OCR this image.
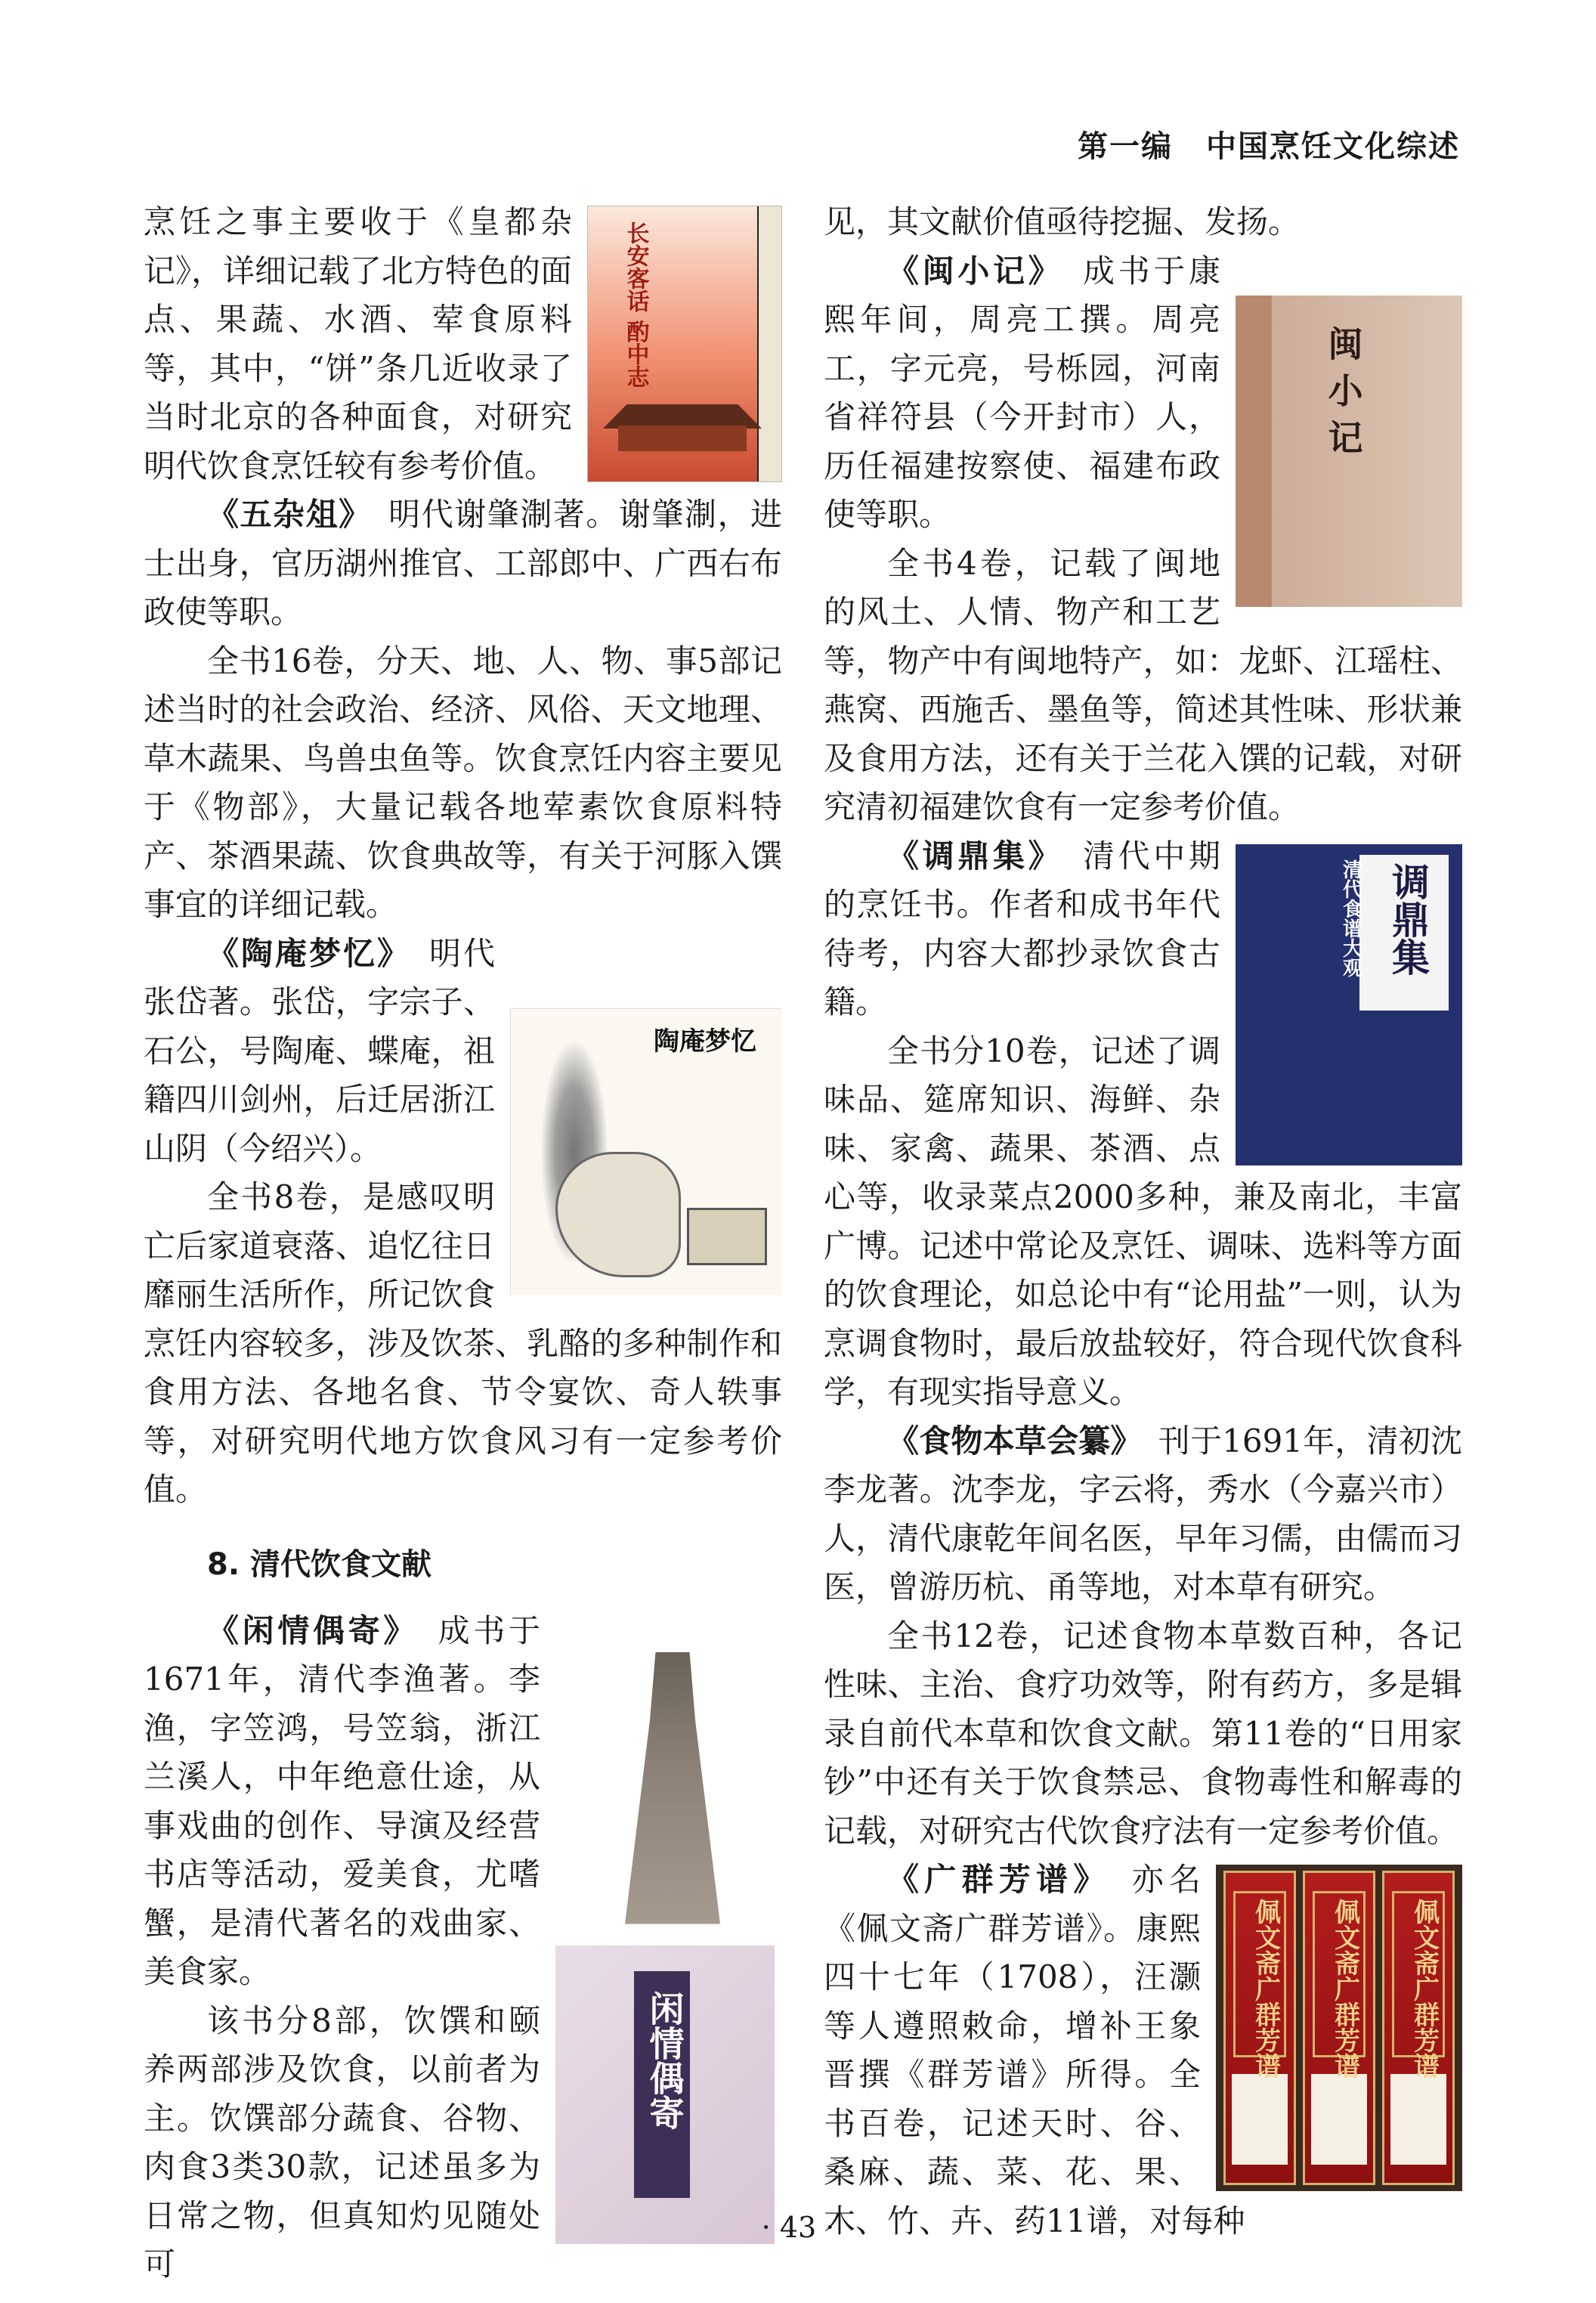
第一编 中国烹饪文化综述
长安客话 酌中志

烹饪之事主要收于《皇都杂记》，详细记载了北方特色的面点、果蔬、水酒、荤食原料等，其中，“饼”条几近收录了当时北京的各种面食，对研究明代饮食烹饪较有参考价值。

《五杂俎》　 明代谢肇淛著。谢肇淛，进士出身，官历湖州推官、工部郎中、广西右布政使等职。

全书16卷，分天、地、人、物、事5部记述当时的社会政治、经济、风俗、天文地理、草木蔬果、鸟兽虫鱼等。饮食烹饪内容主要见于《物部》，大量记载各地荤素饮食原料特产、茶酒果蔬、饮食典故等，有关于河豚入馔事宜的详细记载。

陶庵梦忆

《陶庵梦忆》　 明代张岱著。张岱，字宗子、石公，号陶庵、蝶庵，祖籍四川剑州，后迁居浙江山阴（今绍兴）。

全书8卷，是感叹明亡后家道衰落、追忆往日靡丽生活所作，所记饮食烹饪内容较多，涉及饮茶、乳酪的多种制作和食用方法、各地名食、节令宴饮、奇人轶事等，对研究明代地方饮食风习有一定参考价值。

8. 清代饮食文献
闲情偶寄

《闲情偶寄》　 成书于1671年，清代李渔著。李渔，字笠鸿，号笠翁，浙江兰溪人，中年绝意仕途，从事戏曲的创作、导演及经营书店等活动，爱美食，尤嗜蟹，是清代著名的戏曲家、美食家。

该书分8部，饮馔和颐养两部涉及饮食，以前者为主。饮馔部分蔬食、谷物、肉食3类30款，记述虽多为日常之物，但真知灼见随处可

见，其文献价值亟待挖掘、发扬。

闽小记

《闽小记》　 成书于康熙年间，周亮工撰。周亮工，字元亮，号栎园，河南省祥符县（今开封市）人，历任福建按察使、福建布政使等职。

全书4卷，记载了闽地的风土、人情、物产和工艺等，物产中有闽地特产，如：龙虾、江瑶柱、燕窝、西施舌、墨鱼等，简述其性味、形状兼及食用方法，还有关于兰花入馔的记载，对研究清初福建饮食有一定参考价值。

调鼎集
清代食谱大观

《调鼎集》　 清代中期的烹饪书。作者和成书年代待考，内容大都抄录饮食古籍。

全书分10卷，记述了调味品、筵席知识、海鲜、杂味、家禽、蔬果、茶酒、点心等，收录菜点2000多种，兼及南北，丰富广博。记述中常论及烹饪、调味、选料等方面的饮食理论，如总论中有“论用盐”一则，认为烹调食物时，最后放盐较好，符合现代饮食科学，有现实指导意义。

《食物本草会纂》　 刊于1691年，清初沈李龙著。沈李龙，字云将，秀水（今嘉兴市）人，清代康乾年间名医，早年习儒，由儒而习医，曾游历杭、甬等地，对本草有研究。

全书12卷，记述食物本草数百种，各记性味、主治、食疗功效等，附有药方，多是辑录自前代本草和饮食文献。第11卷的“日用家钞”中还有关于饮食禁忌、食物毒性和解毒的记载，对研究古代饮食疗法有一定参考价值。

佩文斋广群芳谱	佩文斋广群芳谱	佩文斋广群芳谱

《广群芳谱》　 亦名《佩文斋广群芳谱》。康熙四十七年（1708），汪灏等人遵照敕命，增补王象晋撰《群芳谱》所得。全书百卷，记述天时、谷、桑麻、蔬、菜、花、果、木、竹、卉、药11谱，对每种

· 43 ·
